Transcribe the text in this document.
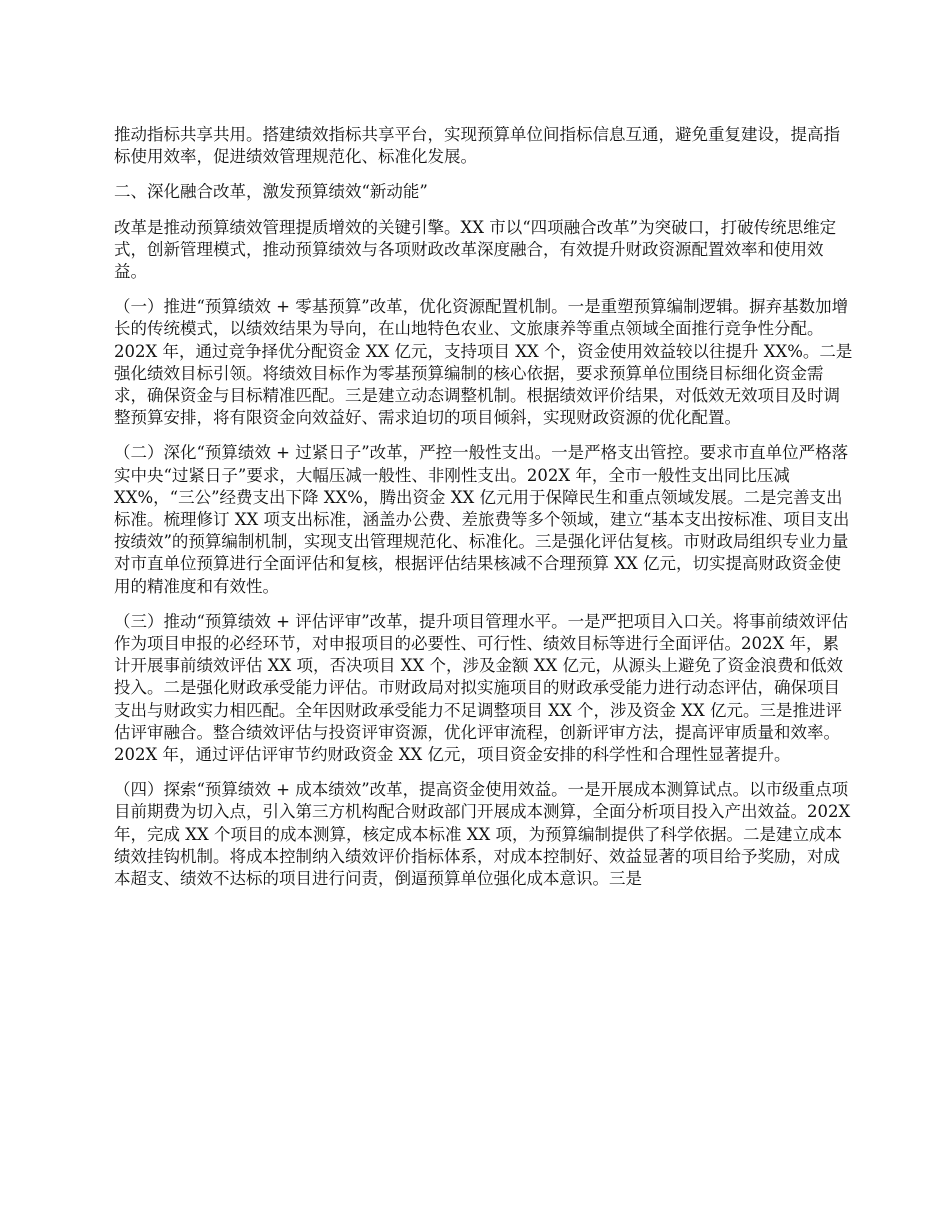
推动指标共享共用。搭建绩效指标共享平台，实现预算单位间指标信息互通，避免重复建设，提高指标使用效率，促进绩效管理规范化、标准化发展。

二、深化融合改革，激发预算绩效“新动能”

改革是推动预算绩效管理提质增效的关键引擎。XX 市以“四项融合改革”为突破口，打破传统思维定式，创新管理模式，推动预算绩效与各项财政改革深度融合，有效提升财政资源配置效率和使用效益。

（一）推进“预算绩效 + 零基预算”改革，优化资源配置机制。一是重塑预算编制逻辑。摒弃基数加增长的传统模式，以绩效结果为导向，在山地特色农业、文旅康养等重点领域全面推行竞争性分配。202X 年，通过竞争择优分配资金 XX 亿元，支持项目 XX 个，资金使用效益较以往提升 XX%。二是强化绩效目标引领。将绩效目标作为零基预算编制的核心依据，要求预算单位围绕目标细化资金需求，确保资金与目标精准匹配。三是建立动态调整机制。根据绩效评价结果，对低效无效项目及时调整预算安排，将有限资金向效益好、需求迫切的项目倾斜，实现财政资源的优化配置。

（二）深化“预算绩效 + 过紧日子”改革，严控一般性支出。一是严格支出管控。要求市直单位严格落实中央“过紧日子”要求，大幅压减一般性、非刚性支出。202X 年，全市一般性支出同比压减 XX%，“三公”经费支出下降 XX%，腾出资金 XX 亿元用于保障民生和重点领域发展。二是完善支出标准。梳理修订 XX 项支出标准，涵盖办公费、差旅费等多个领域，建立“基本支出按标准、项目支出按绩效”的预算编制机制，实现支出管理规范化、标准化。三是强化评估复核。市财政局组织专业力量对市直单位预算进行全面评估和复核，根据评估结果核减不合理预算 XX 亿元，切实提高财政资金使用的精准度和有效性。

（三）推动“预算绩效 + 评估评审”改革，提升项目管理水平。一是严把项目入口关。将事前绩效评估作为项目申报的必经环节，对申报项目的必要性、可行性、绩效目标等进行全面评估。202X 年，累计开展事前绩效评估 XX 项，否决项目 XX 个，涉及金额 XX 亿元，从源头上避免了资金浪费和低效投入。二是强化财政承受能力评估。市财政局对拟实施项目的财政承受能力进行动态评估，确保项目支出与财政实力相匹配。全年因财政承受能力不足调整项目 XX 个，涉及资金 XX 亿元。三是推进评估评审融合。整合绩效评估与投资评审资源，优化评审流程，创新评审方法，提高评审质量和效率。202X 年，通过评估评审节约财政资金 XX 亿元，项目资金安排的科学性和合理性显著提升。

（四）探索“预算绩效 + 成本绩效”改革，提高资金使用效益。一是开展成本测算试点。以市级重点项目前期费为切入点，引入第三方机构配合财政部门开展成本测算，全面分析项目投入产出效益。202X 年，完成 XX 个项目的成本测算，核定成本标准 XX 项，为预算编制提供了科学依据。二是建立成本绩效挂钩机制。将成本控制纳入绩效评价指标体系，对成本控制好、效益显著的项目给予奖励，对成本超支、绩效不达标的项目进行问责，倒逼预算单位强化成本意识。三是
